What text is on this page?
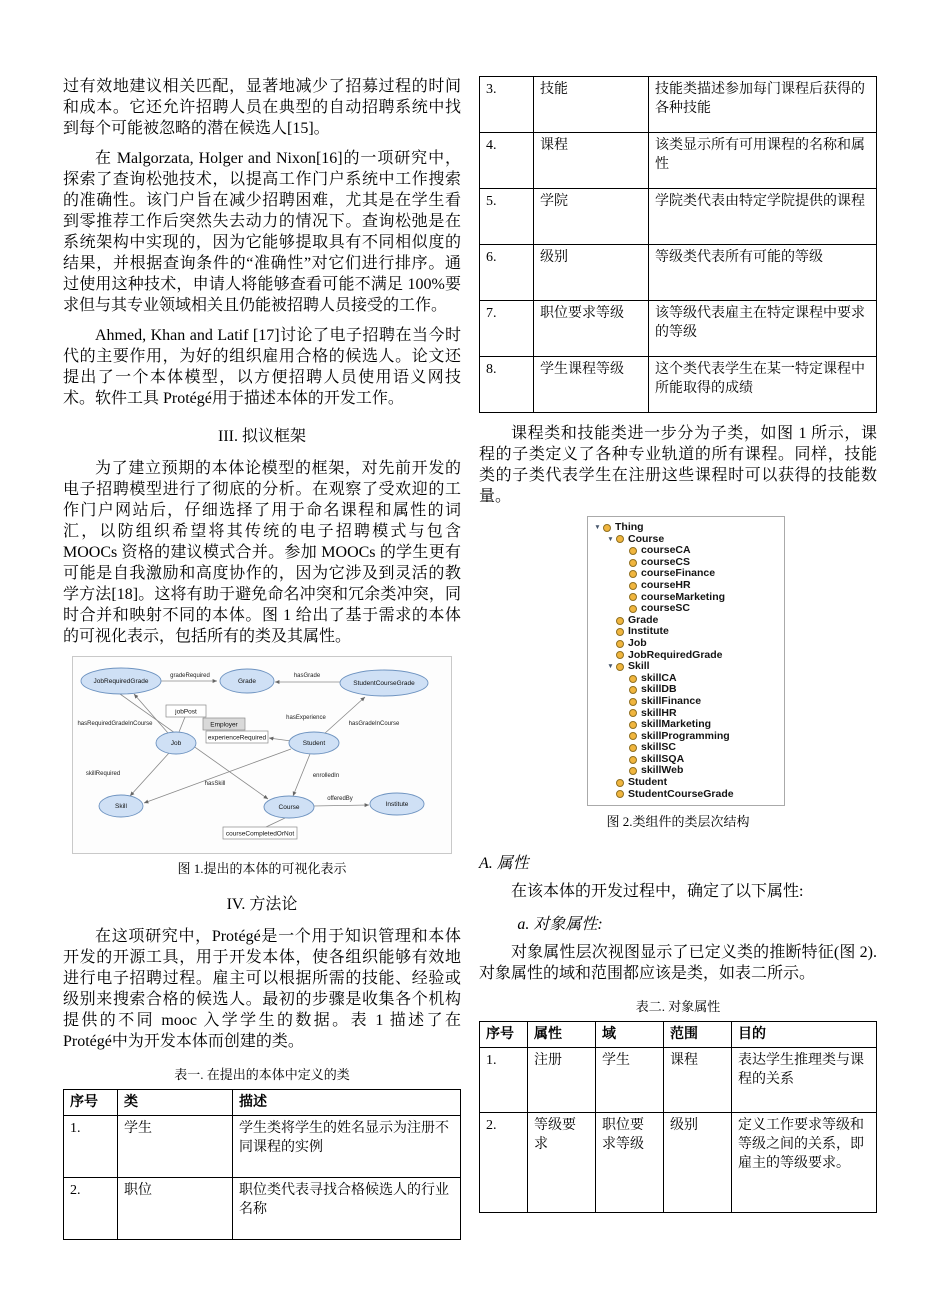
过有效地建议相关匹配，显著地减少了招募过程的时间和成本。它还允许招聘人员在典型的自动招聘系统中找到每个可能被忽略的潜在候选人[15]。

在 Malgorzata, Holger and Nixon[16]的一项研究中，探索了查询松弛技术，以提高工作门户系统中工作搜索的准确性。该门户旨在减少招聘困难，尤其是在学生看到零推荐工作后突然失去动力的情况下。查询松弛是在系统架构中实现的，因为它能够提取具有不同相似度的结果，并根据查询条件的“准确性”对它们进行排序。通过使用这种技术，申请人将能够查看可能不满足 100%要求但与其专业领域相关且仍能被招聘人员接受的工作。

Ahmed, Khan and Latif [17]讨论了电子招聘在当今时代的主要作用，为好的组织雇用合格的候选人。论文还提出了一个本体模型，以方便招聘人员使用语义网技术。软件工具 Protégé用于描述本体的开发工作。

III. 拟议框架

为了建立预期的本体论模型的框架，对先前开发的电子招聘模型进行了彻底的分析。在观察了受欢迎的工作门户网站后，仔细选择了用于命名课程和属性的词汇，以防组织希望将其传统的电子招聘模式与包含 MOOCs 资格的建议模式合并。参加 MOOCs 的学生更有可能是自我激励和高度协作的，因为它涉及到灵活的教学方法[18]。这将有助于避免命名冲突和冗余类冲突，同时合并和映射不同的本体。图 1 给出了基于需求的本体的可视化表示，包括所有的类及其属性。

JobRequiredGrade	Grade	StudentCourseGrade
Job	Student
Skill	Course	Institute
jobPost
Employer
experienceRequired
courseCompletedOrNot
gradeRequired	hasGrade
hasRequiredGradeInCourse
hasExperience
hasGradeInCourse
skillRequired
hasSkill
enrolledIn
offeredBy
图 1.提出的本体的可视化表示
IV. 方法论

在这项研究中，Protégé是一个用于知识管理和本体开发的开源工具，用于开发本体，使各组织能够有效地进行电子招聘过程。雇主可以根据所需的技能、经验或级别来搜索合格的候选人。最初的步骤是收集各个机构提供的不同 mooc 入学学生的数据。表 1 描述了在 Protégé中为开发本体而创建的类。

表一. 在提出的本体中定义的类
序号	类	描述
1.	学生	学生类将学生的姓名显示为注册不同课程的实例
2.	职位	职位类代表寻找合格候选人的行业名称
3.	技能	技能类描述参加每门课程后获得的各种技能
4.	课程	该类显示所有可用课程的名称和属性
5.	学院	学院类代表由特定学院提供的课程
6.	级别	等级类代表所有可能的等级
7.	职位要求等级	该等级代表雇主在特定课程中要求的等级
8.	学生课程等级	这个类代表学生在某一特定课程中所能取得的成绩

课程类和技能类进一步分为子类，如图 1 所示，课程的子类定义了各种专业轨道的所有课程。同样，技能类的子类代表学生在注册这些课程时可以获得的技能数量。

▼ Thing
▼ Course
courseCA
courseCS
courseFinance
courseHR
courseMarketing
courseSC
Grade
Institute
Job
JobRequiredGrade
▼ Skill
skillCA
skillDB
skillFinance
skillHR
skillMarketing
skillProgramming
skillSC
skillSQA
skillWeb
Student
StudentCourseGrade
图 2.类组件的类层次结构
A. 属性

在该本体的开发过程中，确定了以下属性:

a. 对象属性:

对象属性层次视图显示了已定义类的推断特征(图 2). 对象属性的域和范围都应该是类，如表二所示。

表二. 对象属性
序号	属性	域	范围	目的
1.	注册	学生	课程	表达学生推理类与课程的关系
2.	等级要求	职位要求等级	级别	定义工作要求等级和等级之间的关系，即雇主的等级要求。
